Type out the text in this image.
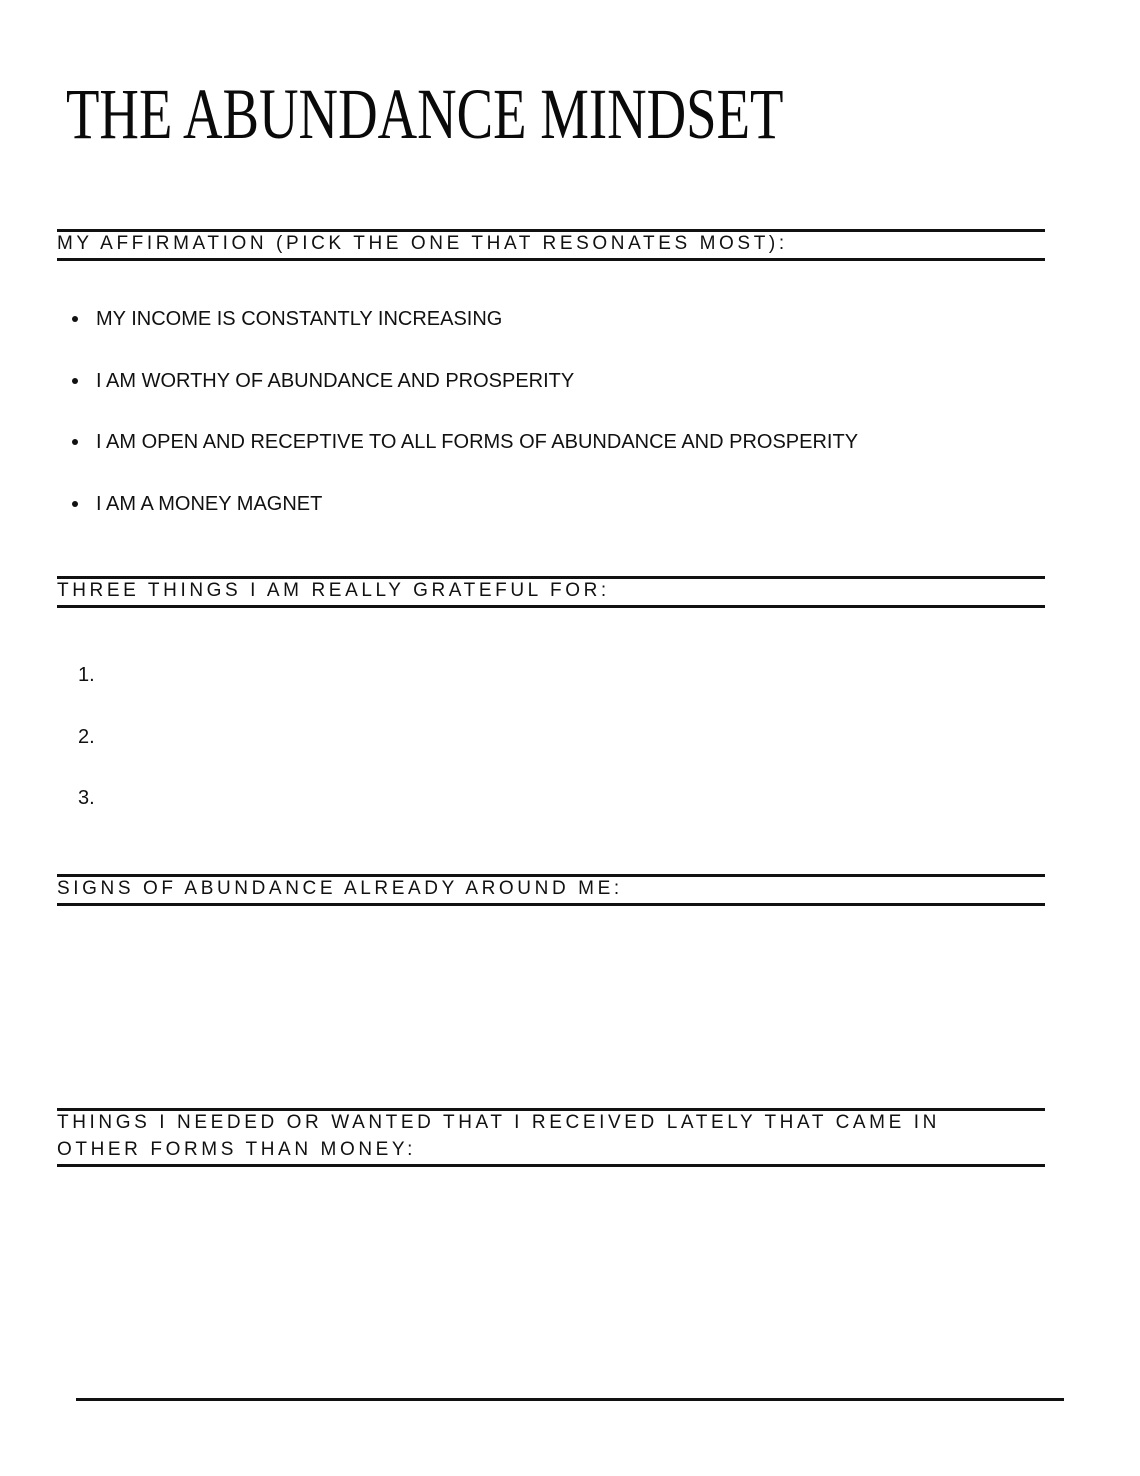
THE ABUNDANCE MINDSET
MY AFFIRMATION (PICK THE ONE THAT RESONATES MOST):
MY INCOME IS CONSTANTLY INCREASING
I AM WORTHY OF ABUNDANCE AND PROSPERITY
I AM OPEN AND RECEPTIVE TO ALL FORMS OF ABUNDANCE AND PROSPERITY
I AM A MONEY MAGNET
THREE THINGS I AM REALLY GRATEFUL FOR:
1.
2.
3.
SIGNS OF ABUNDANCE ALREADY AROUND ME:
THINGS I NEEDED OR WANTED THAT I RECEIVED LATELY THAT CAME IN
OTHER FORMS THAN MONEY:
